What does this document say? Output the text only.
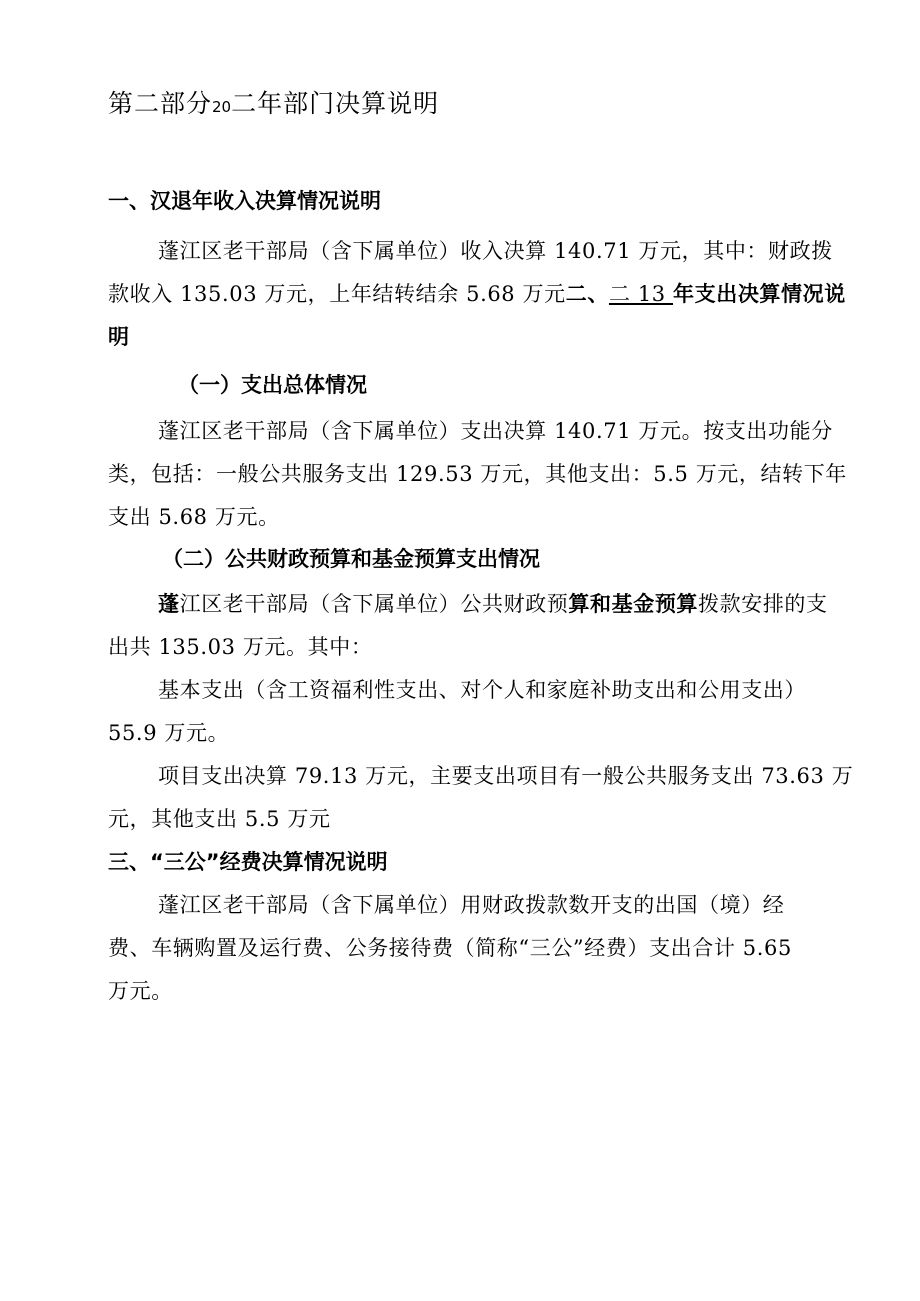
第二部分20二年部门决算说明
一、汉退年收入决算情况说明
蓬江区老干部局（含下属单位）收入决算 140.71 万元，其中：财政拨
款收入 135.03 万元，上年结转结余 5.68 万元二、二 13 年支出决算情况说
明
（一）支出总体情况
蓬江区老干部局（含下属单位）支出决算 140.71 万元。按支出功能分
类，包括：一般公共服务支出 129.53 万元，其他支出：5.5 万元，结转下年
支出 5.68 万元。
（二）公共财政预算和基金预算支出情况
蓬江区老干部局（含下属单位）公共财政预算和基金预算拨款安排的支
出共 135.03 万元。其中：
基本支出（含工资福利性支出、对个人和家庭补助支出和公用支出）
55.9 万元。
项目支出决算 79.13 万元，主要支出项目有一般公共服务支出 73.63 万
元，其他支出 5.5 万元
三、“三公”经费决算情况说明
蓬江区老干部局（含下属单位）用财政拨款数开支的出国（境）经
费、车辆购置及运行费、公务接待费（简称“三公”经费）支出合计 5.65
万元。
